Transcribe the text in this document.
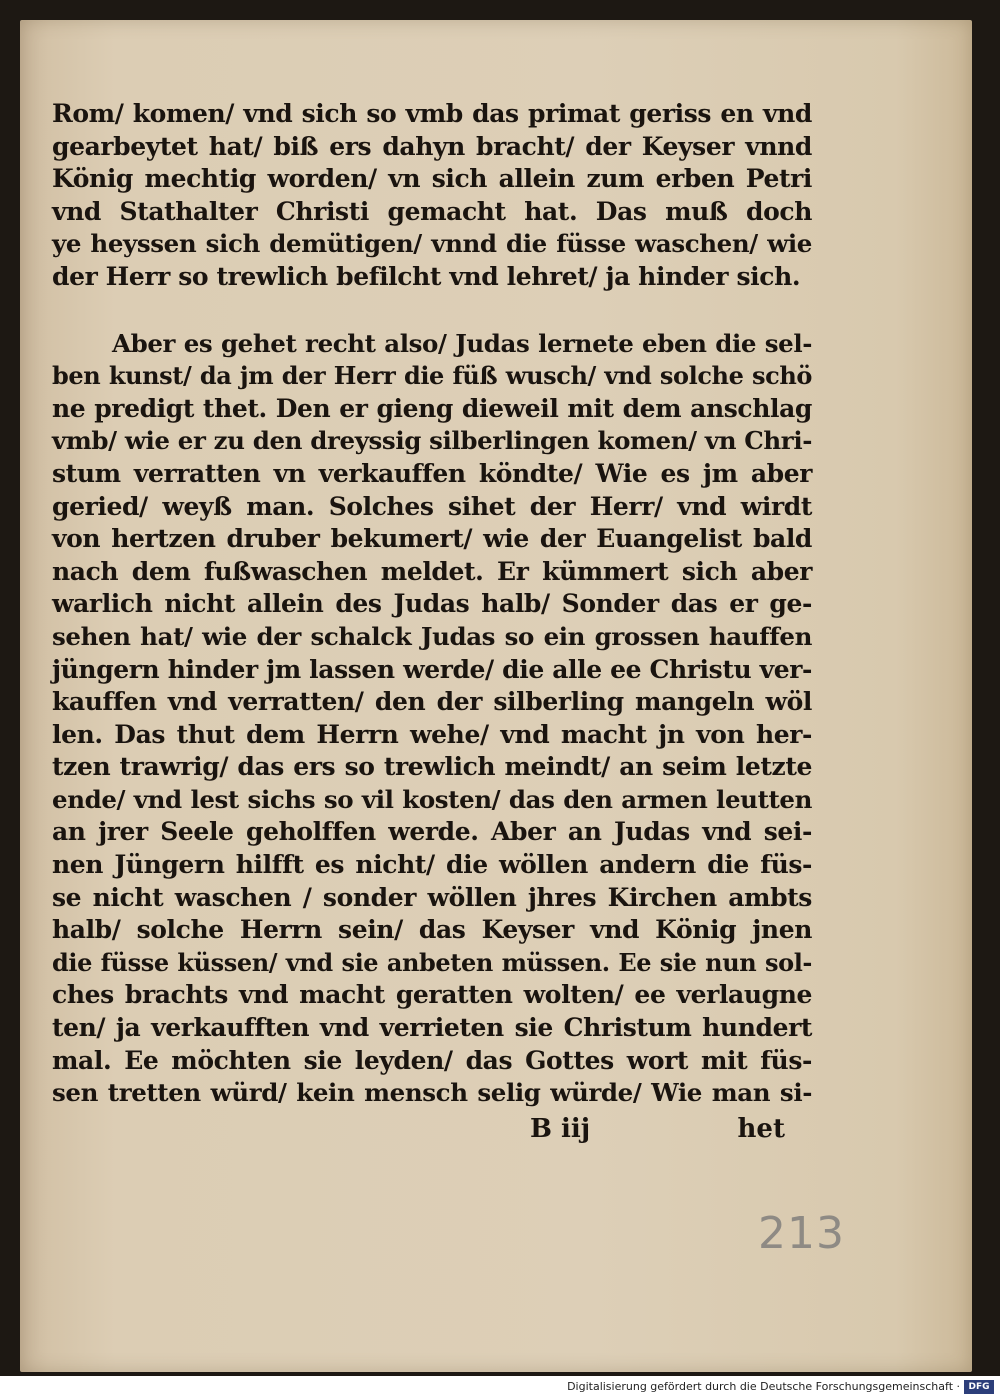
Rom/ komen/ vnd sich so vmb das primat geriss en vnd
gearbeytet hat/ biß ers dahyn bracht/ der Keyser vnnd
König mechtig worden/ vn sich allein zum erben Petri
vnd Stathalter Christi gemacht hat. Das muß doch
ye heyssen sich demütigen/ vnnd die füsse waschen/ wie
der Herr so trewlich befilcht vnd lehret/ ja hinder sich.
Aber es gehet recht also/ Judas lernete eben die sel-
ben kunst/ da jm der Herr die füß wusch/ vnd solche schö
ne predigt thet. Den er gieng dieweil mit dem anschlag
vmb/ wie er zu den dreyssig silberlingen komen/ vn Chri-
stum verratten vn verkauffen köndte/ Wie es jm aber
geried/ weyß man. Solches sihet der Herr/ vnd wirdt
von hertzen druber bekumert/ wie der Euangelist bald
nach dem fußwaschen meldet. Er kümmert sich aber
warlich nicht allein des Judas halb/ Sonder das er ge-
sehen hat/ wie der schalck Judas so ein grossen hauffen
jüngern hinder jm lassen werde/ die alle ee Christu ver-
kauffen vnd verratten/ den der silberling mangeln wöl
len. Das thut dem Herrn wehe/ vnd macht jn von her-
tzen trawrig/ das ers so trewlich meindt/ an seim letzte
ende/ vnd lest sichs so vil kosten/ das den armen leutten
an jrer Seele geholffen werde. Aber an Judas vnd sei-
nen Jüngern hilfft es nicht/ die wöllen andern die füs-
se nicht waschen / sonder wöllen jhres Kirchen ambts
halb/ solche Herrn sein/ das Keyser vnd König jnen
die füsse küssen/ vnd sie anbeten müssen. Ee sie nun sol-
ches brachts vnd macht geratten wolten/ ee verlaugne
ten/ ja verkaufften vnd verrieten sie Christum hundert
mal. Ee möchten sie leyden/ das Gottes wort mit füs-
sen tretten würd/ kein mensch selig würde/ Wie man si-
B iij	het
213
Digitalisierung gefördert durch die Deutsche Forschungsgemeinschaft · DFG
